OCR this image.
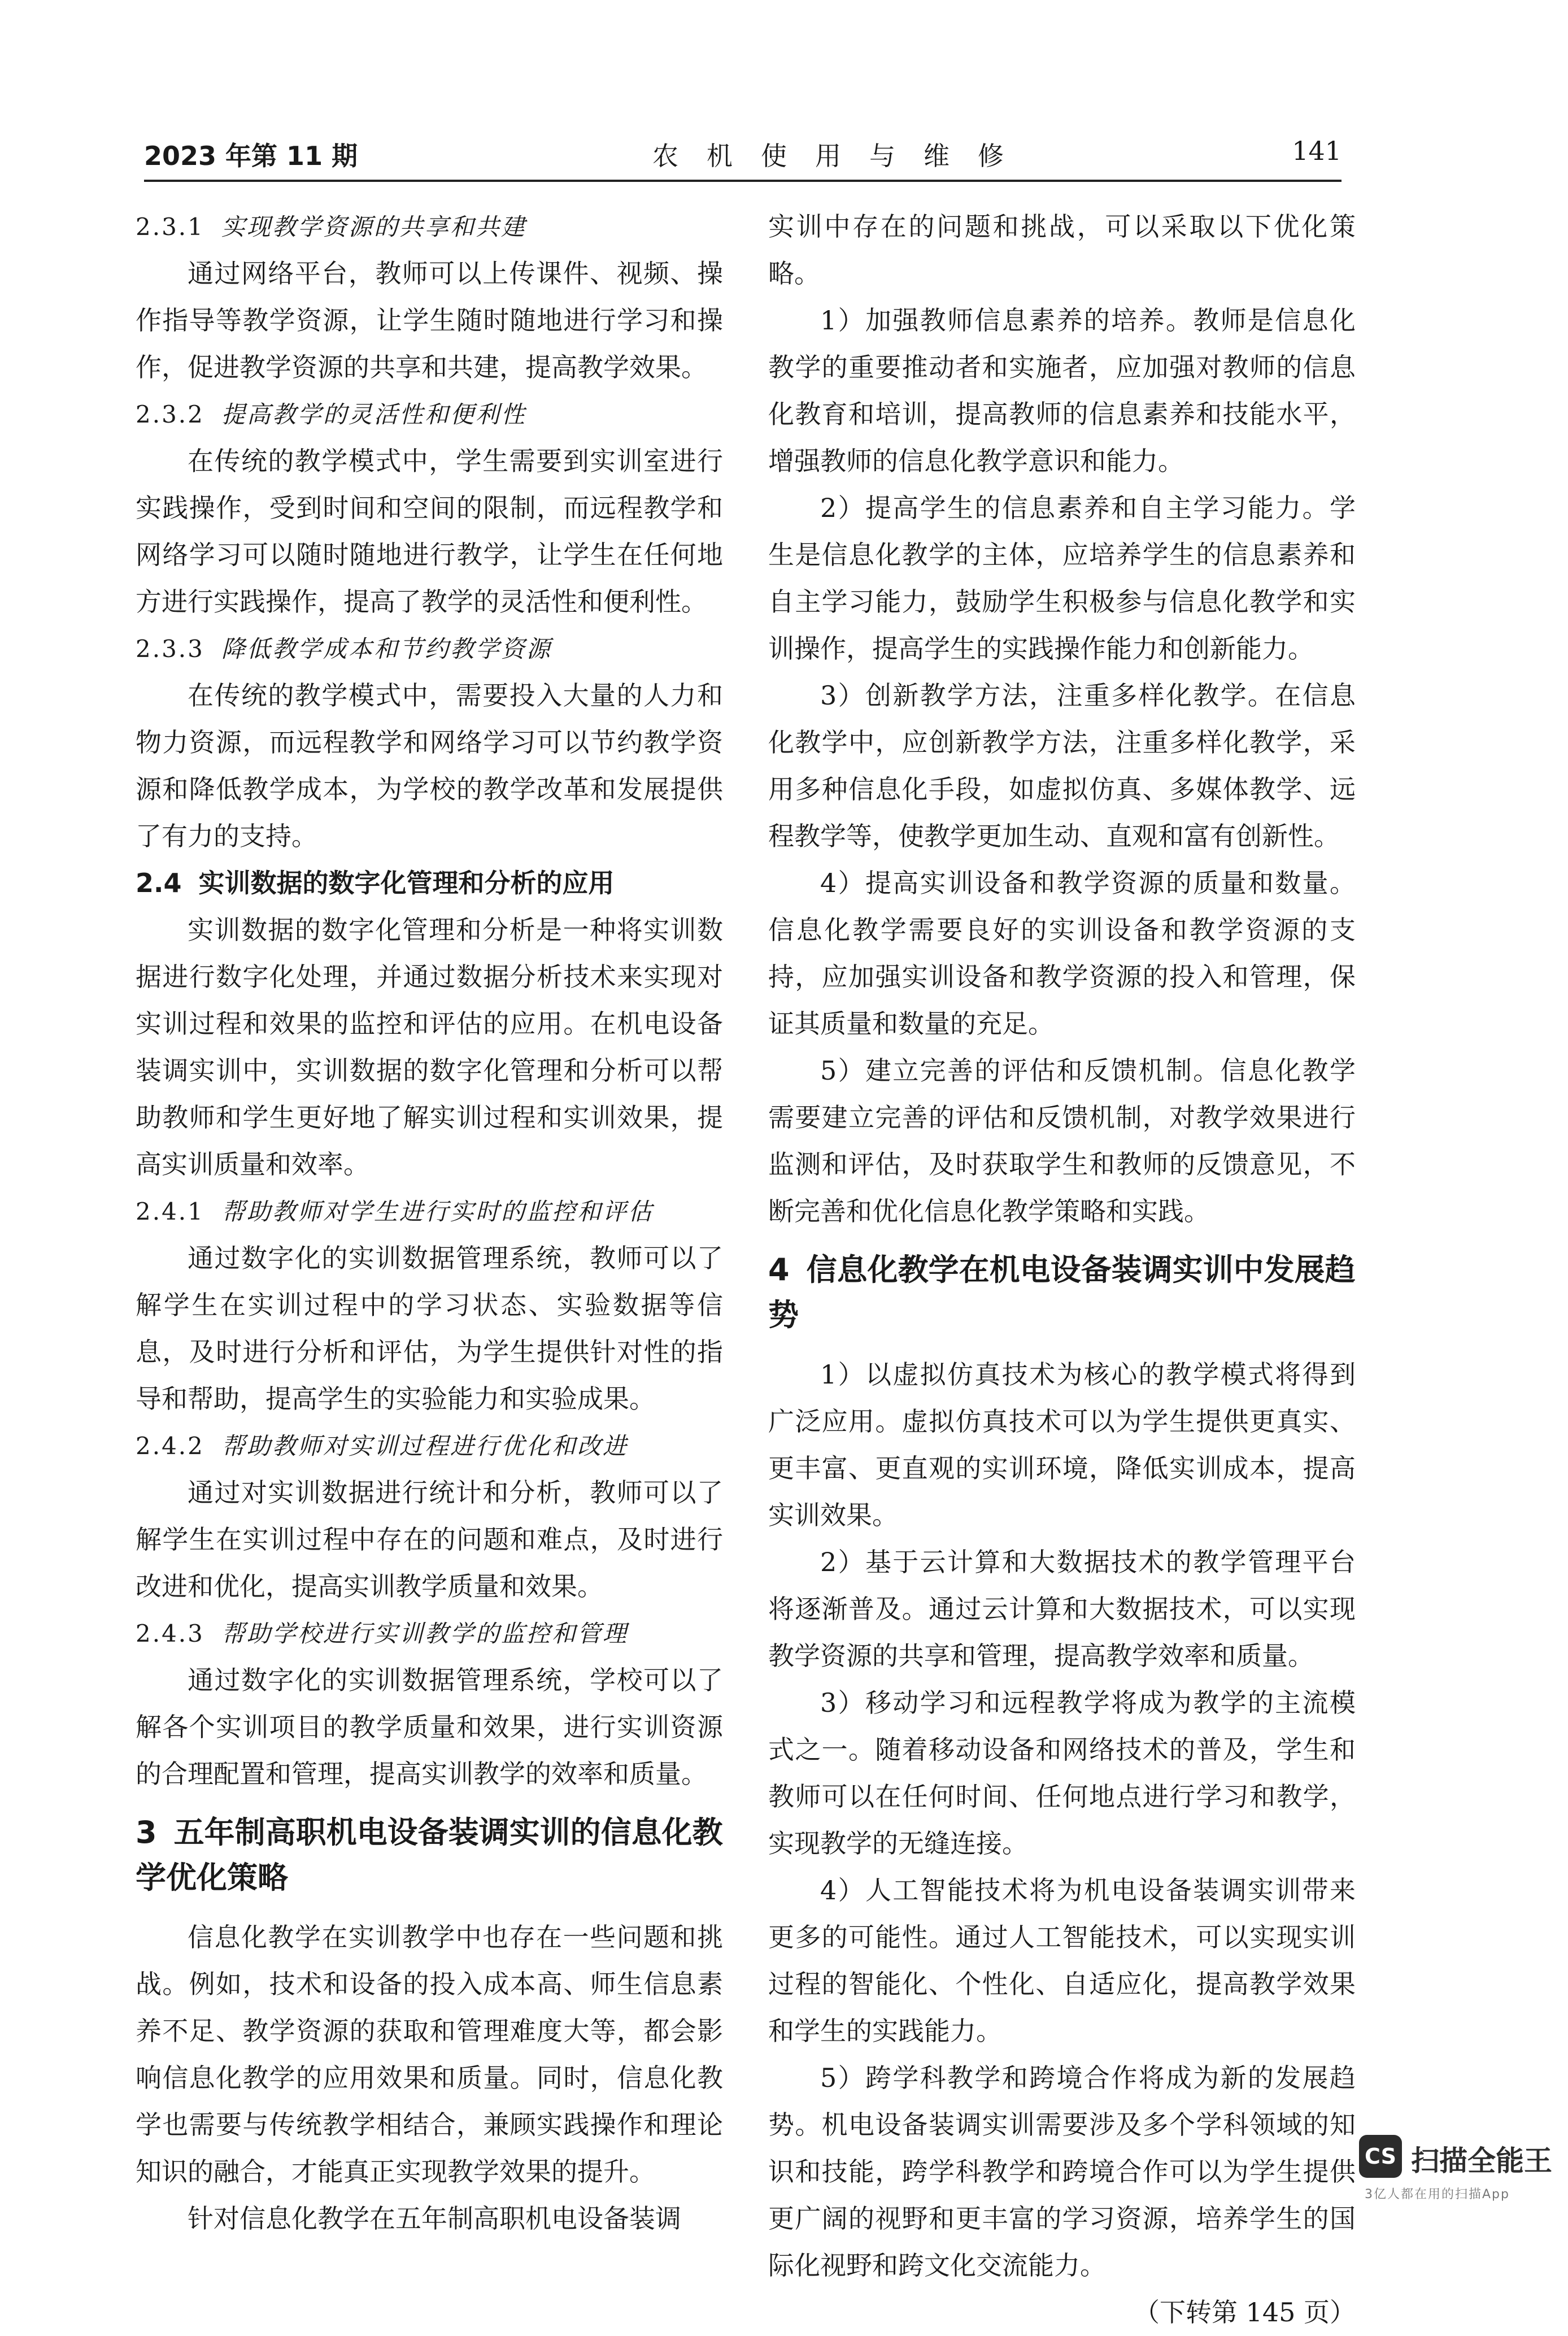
2023 年第 11 期	农机使用与维修	141
2.3.1 实现教学资源的共享和共建

通过网络平台，教师可以上传课件、视频、操作指导等教学资源，让学生随时随地进行学习和操作，促进教学资源的共享和共建，提高教学效果。

2.3.2 提高教学的灵活性和便利性

在传统的教学模式中，学生需要到实训室进行实践操作，受到时间和空间的限制，而远程教学和网络学习可以随时随地进行教学，让学生在任何地方进行实践操作，提高了教学的灵活性和便利性。

2.3.3 降低教学成本和节约教学资源

在传统的教学模式中，需要投入大量的人力和物力资源，而远程教学和网络学习可以节约教学资源和降低教学成本，为学校的教学改革和发展提供了有力的支持。

2.4 实训数据的数字化管理和分析的应用

实训数据的数字化管理和分析是一种将实训数据进行数字化处理，并通过数据分析技术来实现对实训过程和效果的监控和评估的应用。在机电设备装调实训中，实训数据的数字化管理和分析可以帮助教师和学生更好地了解实训过程和实训效果，提高实训质量和效率。

2.4.1 帮助教师对学生进行实时的监控和评估

通过数字化的实训数据管理系统，教师可以了解学生在实训过程中的学习状态、实验数据等信息，及时进行分析和评估，为学生提供针对性的指导和帮助，提高学生的实验能力和实验成果。

2.4.2 帮助教师对实训过程进行优化和改进

通过对实训数据进行统计和分析，教师可以了解学生在实训过程中存在的问题和难点，及时进行改进和优化，提高实训教学质量和效果。

2.4.3 帮助学校进行实训教学的监控和管理

通过数字化的实训数据管理系统，学校可以了解各个实训项目的教学质量和效果，进行实训资源的合理配置和管理，提高实训教学的效率和质量。

3 五年制高职机电设备装调实训的信息化教学优化策略

信息化教学在实训教学中也存在一些问题和挑战。例如，技术和设备的投入成本高、师生信息素养不足、教学资源的获取和管理难度大等，都会影响信息化教学的应用效果和质量。同时，信息化教学也需要与传统教学相结合，兼顾实践操作和理论知识的融合，才能真正实现教学效果的提升。

针对信息化教学在五年制高职机电设备装调

实训中存在的问题和挑战，可以采取以下优化策略。

1）加强教师信息素养的培养。教师是信息化教学的重要推动者和实施者，应加强对教师的信息化教育和培训，提高教师的信息素养和技能水平，增强教师的信息化教学意识和能力。

2）提高学生的信息素养和自主学习能力。学生是信息化教学的主体，应培养学生的信息素养和自主学习能力，鼓励学生积极参与信息化教学和实训操作，提高学生的实践操作能力和创新能力。

3）创新教学方法，注重多样化教学。在信息化教学中，应创新教学方法，注重多样化教学，采用多种信息化手段，如虚拟仿真、多媒体教学、远程教学等，使教学更加生动、直观和富有创新性。

4）提高实训设备和教学资源的质量和数量。信息化教学需要良好的实训设备和教学资源的支持，应加强实训设备和教学资源的投入和管理，保证其质量和数量的充足。

5）建立完善的评估和反馈机制。信息化教学需要建立完善的评估和反馈机制，对教学效果进行监测和评估，及时获取学生和教师的反馈意见，不断完善和优化信息化教学策略和实践。

4 信息化教学在机电设备装调实训中发展趋势

1）以虚拟仿真技术为核心的教学模式将得到广泛应用。虚拟仿真技术可以为学生提供更真实、更丰富、更直观的实训环境，降低实训成本，提高实训效果。

2）基于云计算和大数据技术的教学管理平台将逐渐普及。通过云计算和大数据技术，可以实现教学资源的共享和管理，提高教学效率和质量。

3）移动学习和远程教学将成为教学的主流模式之一。随着移动设备和网络技术的普及，学生和教师可以在任何时间、任何地点进行学习和教学，实现教学的无缝连接。

4）人工智能技术将为机电设备装调实训带来更多的可能性。通过人工智能技术，可以实现实训过程的智能化、个性化、自适应化，提高教学效果和学生的实践能力。

5）跨学科教学和跨境合作将成为新的发展趋势。机电设备装调实训需要涉及多个学科领域的知识和技能，跨学科教学和跨境合作可以为学生提供更广阔的视野和更丰富的学习资源，培养学生的国际化视野和跨文化交流能力。
（下转第 145 页）

CS 扫描全能王
3亿人都在用的扫描App
